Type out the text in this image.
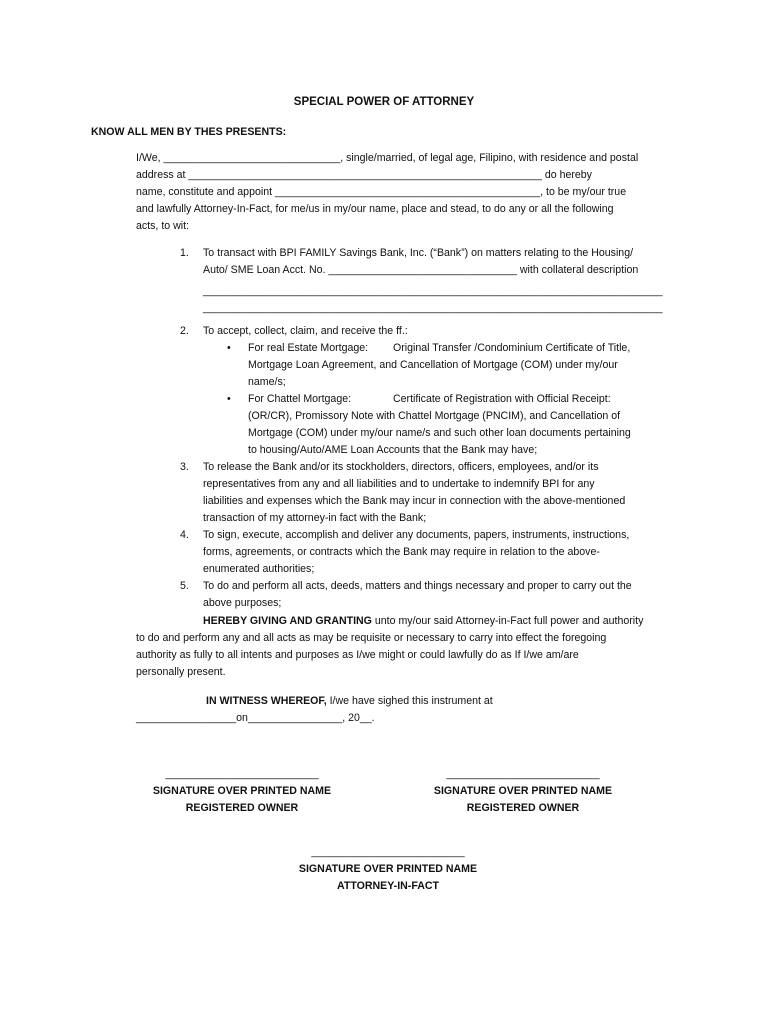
SPECIAL POWER OF ATTORNEY
KNOW ALL MEN BY THES PRESENTS:
I/We, ______________________________, single/married, of legal age, Filipino, with residence and postal
address at ____________________________________________________________ do hereby
name, constitute and appoint _____________________________________________, to be my/our true
and lawfully Attorney-In-Fact, for me/us in my/our name, place and stead, to do any or all the following
acts, to wit:
1. To transact with BPI FAMILY Savings Bank, Inc. (“Bank”) on matters relating to the Housing/
Auto/ SME Loan Acct. No. ________________________________ with collateral description
______________________________________________________________________________
______________________________________________________________________________
2. To accept, collect, claim, and receive the ff.:
• For real Estate Mortgage: Original Transfer /Condominium Certificate of Title,
Mortgage Loan Agreement, and Cancellation of Mortgage (COM) under my/our
name/s;
• For Chattel Mortgage:	Certificate of Registration with Official Receipt:
(OR/CR), Promissory Note with Chattel Mortgage (PNCIM), and Cancellation of
Mortgage (COM) under my/our name/s and such other loan documents pertaining
to housing/Auto/AME Loan Accounts that the Bank may have;
3. To release the Bank and/or its stockholders, directors, officers, employees, and/or its
representatives from any and all liabilities and to undertake to indemnify BPI for any
liabilities and expenses which the Bank may incur in connection with the above-mentioned
transaction of my attorney-in fact with the Bank;
4. To sign, execute, accomplish and deliver any documents, papers, instruments, instructions,
forms, agreements, or contracts which the Bank may require in relation to the above-
enumerated authorities;
5. To do and perform all acts, deeds, matters and things necessary and proper to carry out the
above purposes;
HEREBY GIVING AND GRANTING unto my/our said Attorney-in-Fact full power and authority
to do and perform any and all acts as may be requisite or necessary to carry into effect the foregoing
authority as fully to all intents and purposes as I/we might or could lawfully do as If I/we am/are
personally present.
IN WITNESS WHEREOF, I/we have sighed this instrument at
_________________on________________, 20__.
__________________________
SIGNATURE OVER PRINTED NAME
REGISTERED OWNER
__________________________
SIGNATURE OVER PRINTED NAME
REGISTERED OWNER
__________________________
SIGNATURE OVER PRINTED NAME
ATTORNEY-IN-FACT
